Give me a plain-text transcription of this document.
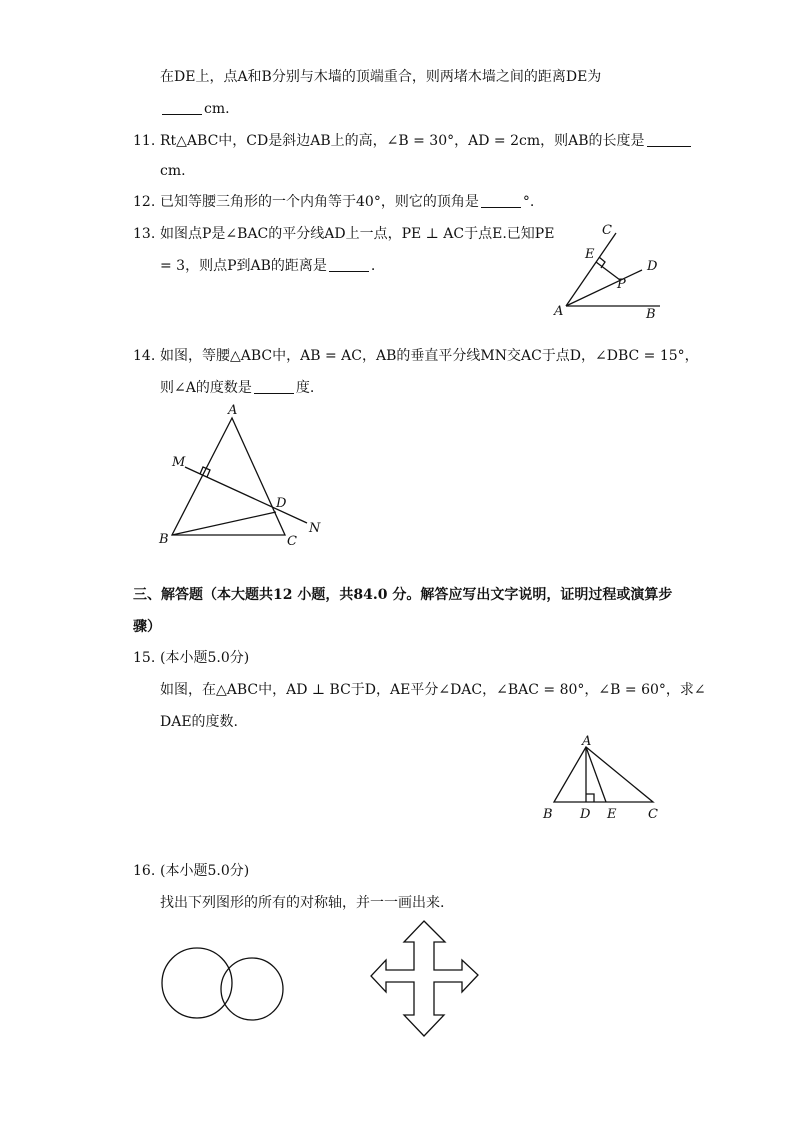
在DE上，点A和B分别与木墙的顶端重合，则两堵木墙之间的距离DE为
cm.
11. Rt△ABC中，CD是斜边AB上的高，∠B = 30°，AD = 2cm，则AB的长度是
cm.
12. 已知等腰三角形的一个内角等于40°，则它的顶角是	°.
13. 如图点P是∠BAC的平分线AD上一点，PE ⊥ AC于点E.已知PE
= 3，则点P到AB的距离是	.
C
E
D
P
A	B
14. 如图，等腰△ABC中，AB = AC，AB的垂直平分线MN交AC于点D，∠DBC = 15°，
则∠A的度数是	度.
A
M
D
N
B	C
三、解答题（本大题共12 小题，共84.0 分。解答应写出文字说明，证明过程或演算步
骤）
15. (本小题5.0分)
如图，在△ABC中，AD ⊥ BC于D，AE平分∠DAC，∠BAC = 80°，∠B = 60°，求∠
DAE的度数.
A
B D E C
16. (本小题5.0分)
找出下列图形的所有的对称轴，并一一画出来.
